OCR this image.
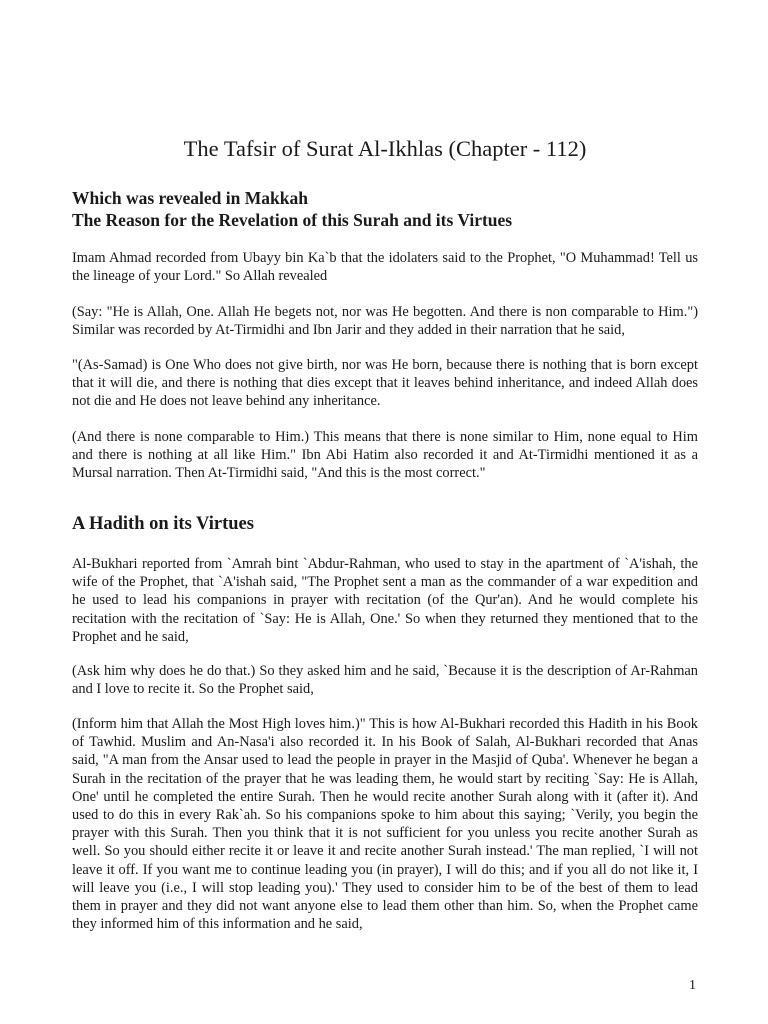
The Tafsir of Surat Al-Ikhlas (Chapter - 112)
Which was revealed in Makkah
The Reason for the Revelation of this Surah and its Virtues

Imam Ahmad recorded from Ubayy bin Ka`b that the idolaters said to the Prophet, "O Muhammad! Tell us the lineage of your Lord." So Allah revealed

(Say: "He is Allah, One. Allah He begets not, nor was He begotten. And there is non comparable to Him.") Similar was recorded by At-Tirmidhi and Ibn Jarir and they added in their narration that he said,

"(As-Samad) is One Who does not give birth, nor was He born, because there is nothing that is born except that it will die, and there is nothing that dies except that it leaves behind inheritance, and indeed Allah does not die and He does not leave behind any inheritance.

(And there is none comparable to Him.) This means that there is none similar to Him, none equal to Him and there is nothing at all like Him." Ibn Abi Hatim also recorded it and At-Tirmidhi mentioned it as a Mursal narration. Then At-Tirmidhi said, "And this is the most correct."

A Hadith on its Virtues

Al-Bukhari reported from `Amrah bint `Abdur-Rahman, who used to stay in the apartment of `A'ishah, the wife of the Prophet, that `A'ishah said, "The Prophet sent a man as the commander of a war expedition and he used to lead his companions in prayer with recitation (of the Qur'an). And he would complete his recitation with the recitation of `Say: He is Allah, One.' So when they returned they mentioned that to the Prophet and he said,

(Ask him why does he do that.) So they asked him and he said, `Because it is the description of Ar-Rahman and I love to recite it. So the Prophet said,

(Inform him that Allah the Most High loves him.)" This is how Al-Bukhari recorded this Hadith in his Book of Tawhid. Muslim and An-Nasa'i also recorded it. In his Book of Salah, Al-Bukhari recorded that Anas said, "A man from the Ansar used to lead the people in prayer in the Masjid of Quba'. Whenever he began a Surah in the recitation of the prayer that he was leading them, he would start by reciting `Say: He is Allah, One' until he completed the entire Surah. Then he would recite another Surah along with it (after it). And used to do this in every Rak`ah. So his companions spoke to him about this saying; `Verily, you begin the prayer with this Surah. Then you think that it is not sufficient for you unless you recite another Surah as well. So you should either recite it or leave it and recite another Surah instead.' The man replied, `I will not leave it off. If you want me to continue leading you (in prayer), I will do this; and if you all do not like it, I will leave you (i.e., I will stop leading you).' They used to consider him to be of the best of them to lead them in prayer and they did not want anyone else to lead them other than him. So, when the Prophet came they informed him of this information and he said,

1
